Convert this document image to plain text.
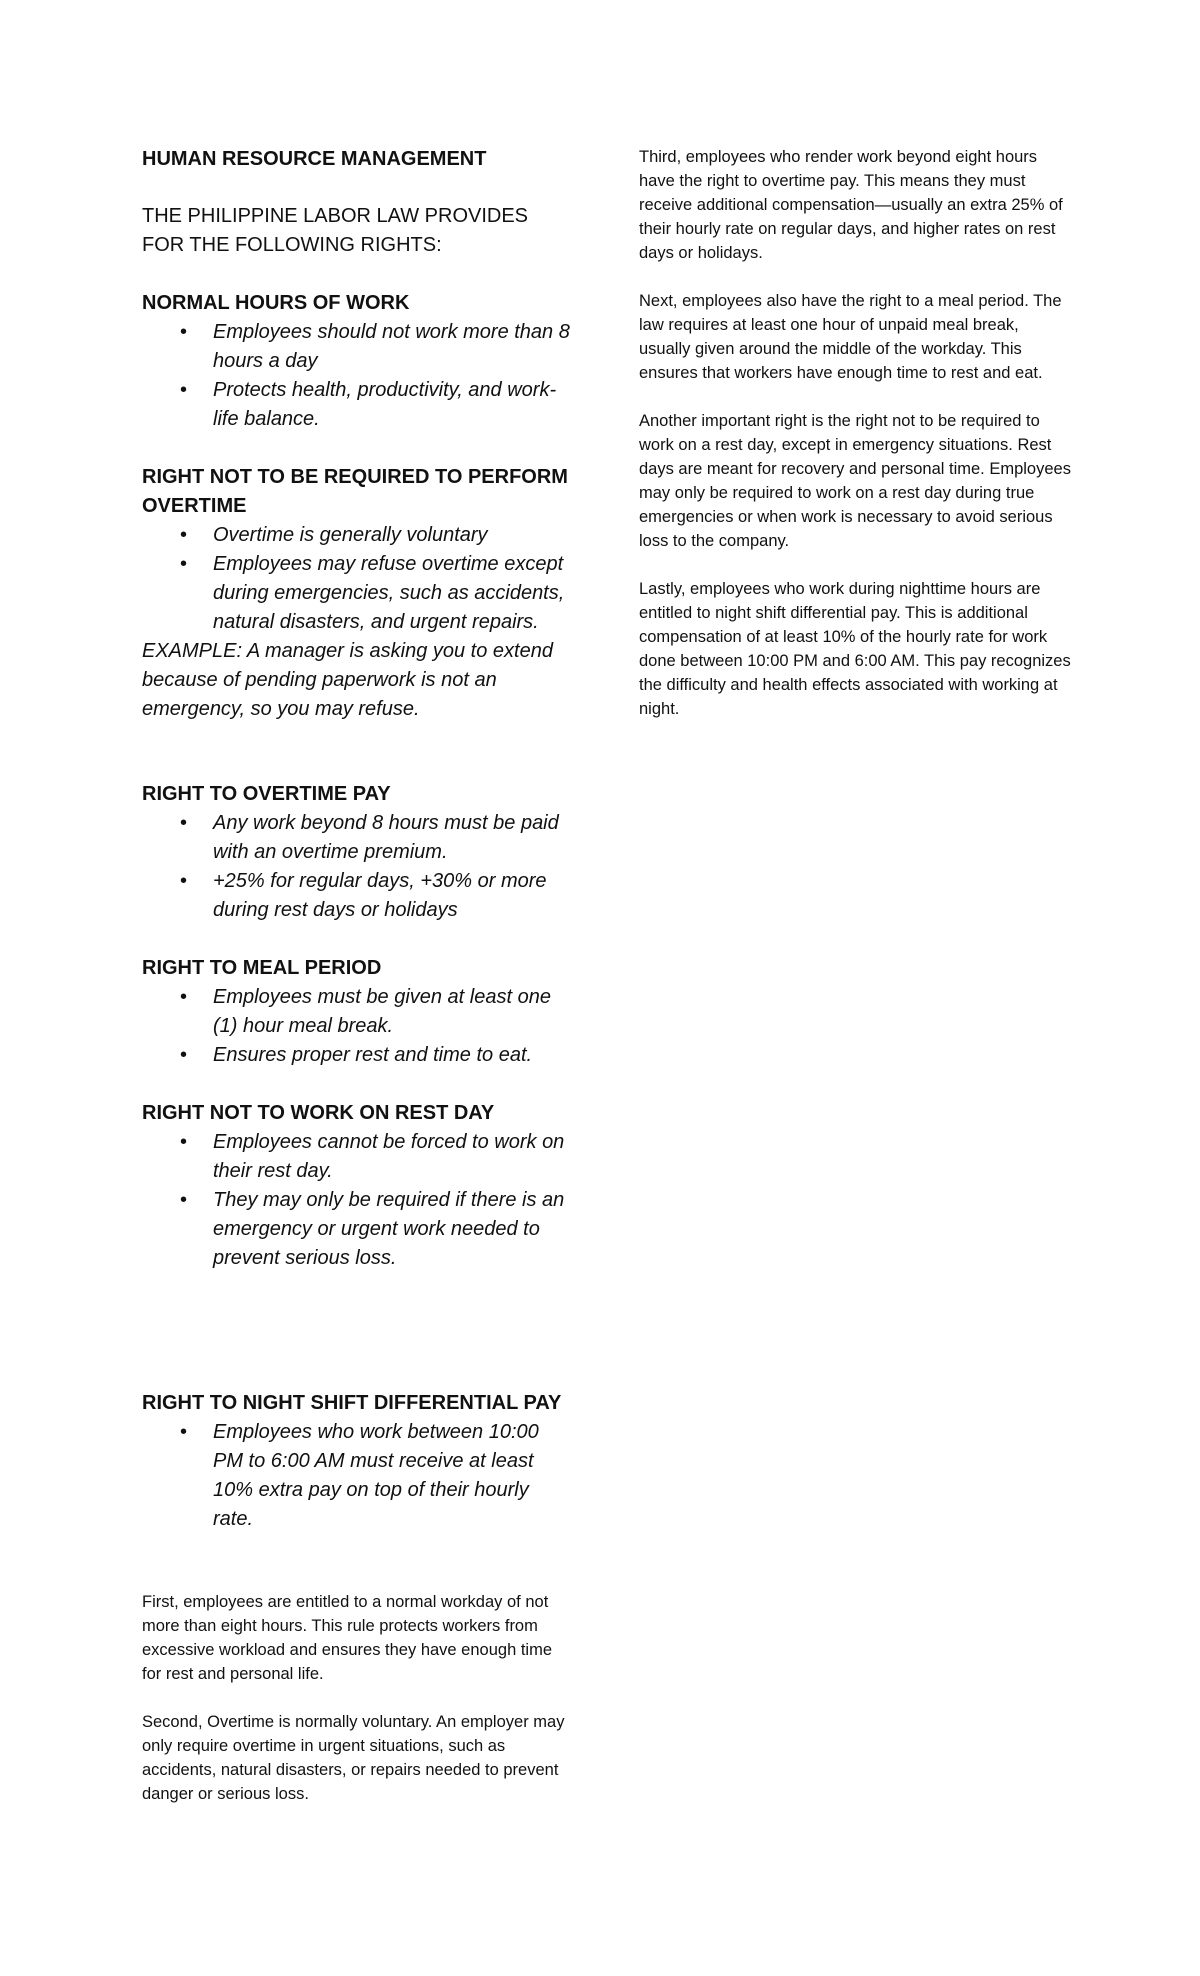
HUMAN RESOURCE MANAGEMENT

THE PHILIPPINE LABOR LAW PROVIDES FOR THE FOLLOWING RIGHTS:

NORMAL HOURS OF WORK

• Employees should not work more than 8 hours a day
• Protects health, productivity, and work-life balance.

RIGHT NOT TO BE REQUIRED TO PERFORM OVERTIME

• Overtime is generally voluntary
• Employees may refuse overtime except during emergencies, such as accidents, natural disasters, and urgent repairs.

EXAMPLE: A manager is asking you to extend because of pending paperwork is not an emergency, so you may refuse.

RIGHT TO OVERTIME PAY

• Any work beyond 8 hours must be paid with an overtime premium.
• +25% for regular days, +30% or more during rest days or holidays

RIGHT TO MEAL PERIOD

• Employees must be given at least one (1) hour meal break.
• Ensures proper rest and time to eat.

RIGHT NOT TO WORK ON REST DAY

• Employees cannot be forced to work on their rest day.
• They may only be required if there is an emergency or urgent work needed to prevent serious loss.

RIGHT TO NIGHT SHIFT DIFFERENTIAL PAY

• Employees who work between 10:00 PM to 6:00 AM must receive at least 10% extra pay on top of their hourly rate.

First, employees are entitled to a normal workday of not more than eight hours. This rule protects workers from excessive workload and ensures they have enough time for rest and personal life.

Second, Overtime is normally voluntary. An employer may only require overtime in urgent situations, such as accidents, natural disasters, or repairs needed to prevent danger or serious loss.

Third, employees who render work beyond eight hours have the right to overtime pay. This means they must receive additional compensation—usually an extra 25% of their hourly rate on regular days, and higher rates on rest days or holidays.

Next, employees also have the right to a meal period. The law requires at least one hour of unpaid meal break, usually given around the middle of the workday. This ensures that workers have enough time to rest and eat.

Another important right is the right not to be required to work on a rest day, except in emergency situations. Rest days are meant for recovery and personal time. Employees may only be required to work on a rest day during true emergencies or when work is necessary to avoid serious loss to the company.

Lastly, employees who work during nighttime hours are entitled to night shift differential pay. This is additional compensation of at least 10% of the hourly rate for work done between 10:00 PM and 6:00 AM. This pay recognizes the difficulty and health effects associated with working at night.
